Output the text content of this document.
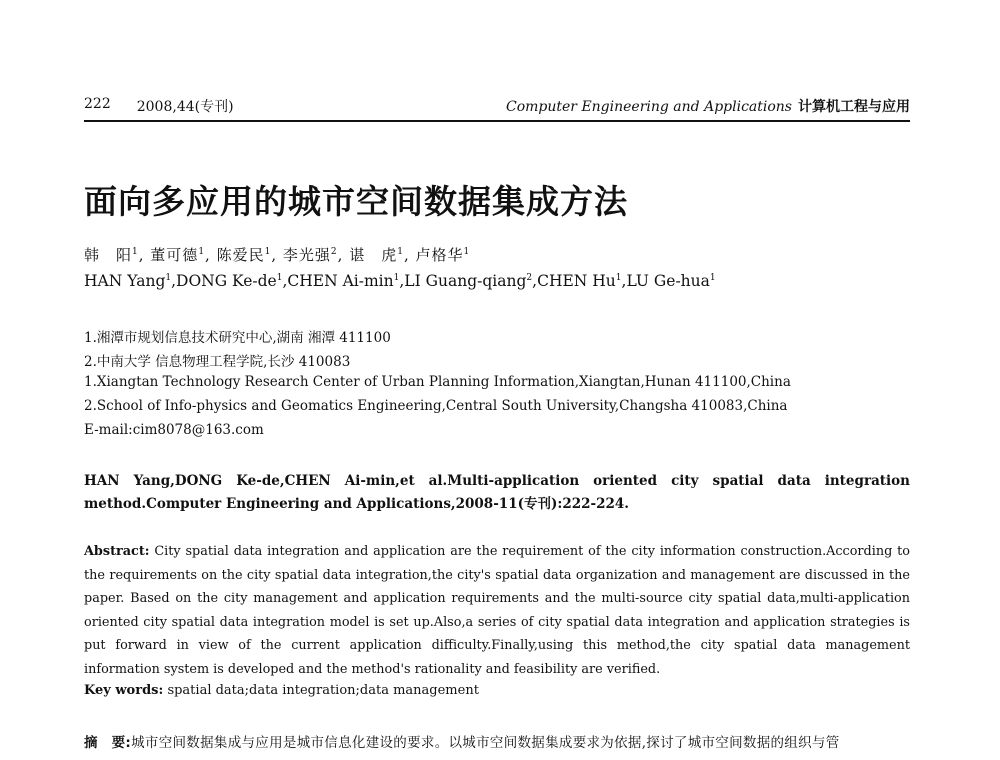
222 2008,44(专刊)	Computer Engineering and Applications 计算机工程与应用
面向多应用的城市空间数据集成方法
韩　阳$^1$, 董可德$^1$, 陈爱民$^1$, 李光强$^2$, 谌　虎$^1$, 卢格华$^1$
HAN Yang$^1$,DONG $Ke-de^1,CHEN$ $Ai-\min^1,LI$ Guang-qiang$^2$,CHEN Hu$^1$,LU Ge-hua$^1$
1.湘潭市规划信息技术研究中心,湖南 湘潭 411100
2.中南大学 信息物理工程学院,长沙 410083
1.Xiangtan Technology Research Center of Urban Planning Information,Xiangtan,Hunan 411100,China
2.School of Info-physics and Geomatics Engineering,Central South University,Changsha 410083,China
E-mail:cim8078@163.com
HAN Yang,DONG Ke-de,CHEN Ai-min,et al.Multi-application oriented city spatial data integration method.Computer Engineering and Applications,2008-11(专刊):222-224.
Abstract: City spatial data integration and application are the requirement of the city information construction.According to the requirements on the city spatial data integration,the city's spatial data organization and management are discussed in the paper. Based on the city management and application requirements and the multi-source city spatial data,multi-application oriented city spatial data integration model is set up.Also,a series of city spatial data integration and application strategies is put forward in view of the current application difficulty.Finally,using this method,the city spatial data management information system is developed and the method's rationality and feasibility are verified.
Key words: spatial data;data integration;data management
摘　要:城市空间数据集成与应用是城市信息化建设的要求。以城市空间数据集成要求为依据,探讨了城市空间数据的组织与管
